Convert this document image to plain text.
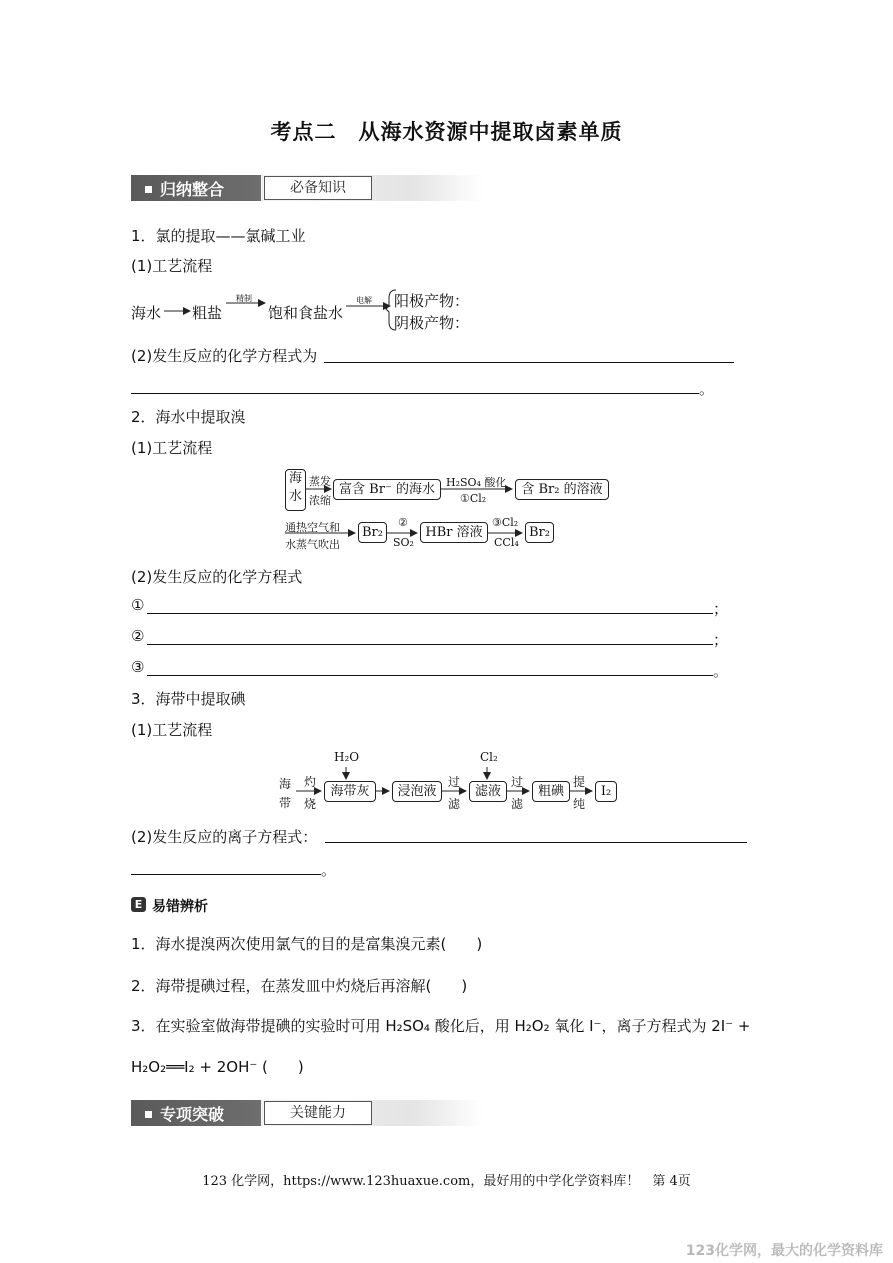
考点二　从海水资源中提取卤素单质
归纳整合	必备知识
1．氯的提取——氯碱工业
(1)工艺流程
海水 粗盐
精制
饱和食盐水
电解 阳极产物：
阴极产物：
(2)发生反应的化学方程式为
。
2．海水中提取溴
(1)工艺流程
海
水
蒸发
浓缩
富含 Br⁻ 的海水	H₂SO₄ 酸化
①Cl₂
含 Br₂ 的溶液
通热空气和
水蒸气吹出
Br₂
②
SO₂
HBr 溶液
③Cl₂
CCl₄
Br₂
(2)发生反应的化学方程式
①	；
②	；
③	。
3．海带中提取碘
(1)工艺流程
海
带
灼
烧
H₂O
海带灰	浸泡液
过
滤
Cl₂
滤液
过
滤
粗碘
提
纯
I₂
(2)发生反应的离子方程式：
。
E 易错辨析
1．海水提溴两次使用氯气的目的是富集溴元素(　　)
2．海带提碘过程，在蒸发皿中灼烧后再溶解(　　)
3．在实验室做海带提碘的实验时可用 H₂SO₄ 酸化后，用 H₂O₂ 氧化 I⁻，离子方程式为 2I⁻ +
H₂O₂══I₂ + 2OH⁻ (　　)
专项突破	关键能力
123 化学网，https://www.123huaxue.com，最好用的中学化学资料库！　第 4页
123化学网，最大的化学资料库
